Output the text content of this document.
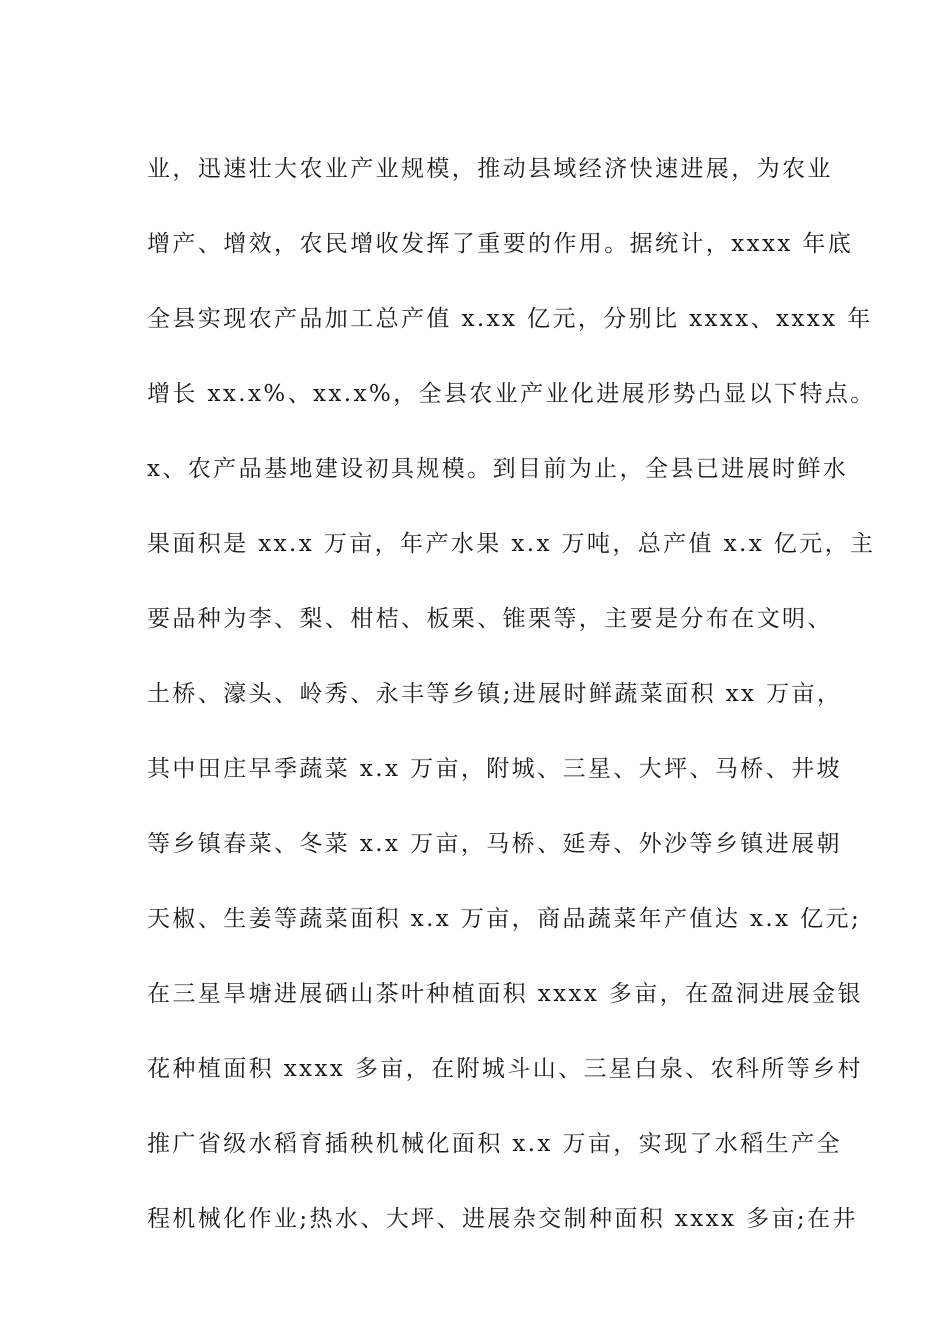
业，迅速壮大农业产业规模，推动县域经济快速进展，为农业
增产、增效，农民增收发挥了重要的作用。据统计，xxxx 年底
全县实现农产品加工总产值 x.xx 亿元，分别比 xxxx、xxxx 年
增长 xx.x%、xx.x%，全县农业产业化进展形势凸显以下特点。
x、农产品基地建设初具规模。到目前为止，全县已进展时鲜水
果面积是 xx.x 万亩，年产水果 x.x 万吨，总产值 x.x 亿元，主
要品种为李、梨、柑桔、板栗、锥栗等，主要是分布在文明、
土桥、濠头、岭秀、永丰等乡镇;进展时鲜蔬菜面积 xx 万亩，
其中田庄早季蔬菜 x.x 万亩，附城、三星、大坪、马桥、井坡
等乡镇春菜、冬菜 x.x 万亩，马桥、延寿、外沙等乡镇进展朝
天椒、生姜等蔬菜面积 x.x 万亩，商品蔬菜年产值达 x.x 亿元;
在三星旱塘进展硒山茶叶种植面积 xxxx 多亩，在盈洞进展金银
花种植面积 xxxx 多亩，在附城斗山、三星白泉、农科所等乡村
推广省级水稻育插秧机械化面积 x.x 万亩，实现了水稻生产全
程机械化作业;热水、大坪、进展杂交制种面积 xxxx 多亩;在井
